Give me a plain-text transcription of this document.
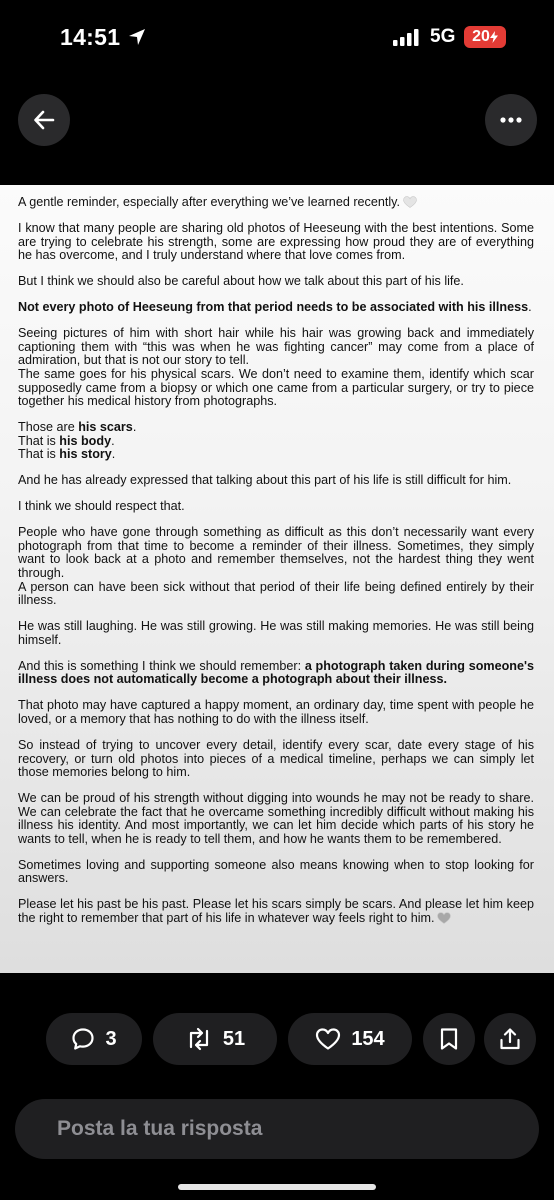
14:51	5G 20

A gentle reminder, especially after everything we’ve learned recently.

I know that many people are sharing old photos of Heeseung with the best intentions. Some are trying to celebrate his strength, some are expressing how proud they are of everything he has overcome, and I truly understand where that love comes from.

But I think we should also be careful about how we talk about this part of his life.

Not every photo of Heeseung from that period needs to be associated with his illness.

Seeing pictures of him with short hair while his hair was growing back and immediately captioning them with “this was when he was fighting cancer” may come from a place of admiration, but that is not our story to tell.

The same goes for his physical scars. We don’t need to examine them, identify which scar supposedly came from a biopsy or which one came from a particular surgery, or try to piece together his medical history from photographs.

Those are his scars.

That is his body.

That is his story.

And he has already expressed that talking about this part of his life is still difficult for him.

I think we should respect that.

People who have gone through something as difficult as this don’t necessarily want every photograph from that time to become a reminder of their illness. Sometimes, they simply want to look back at a photo and remember themselves, not the hardest thing they went through.

A person can have been sick without that period of their life being defined entirely by their illness.

He was still laughing. He was still growing. He was still making memories. He was still being himself.

And this is something I think we should remember: a photograph taken during someone's illness does not automatically become a photograph about their illness.

That photo may have captured a happy moment, an ordinary day, time spent with people he loved, or a memory that has nothing to do with the illness itself.

So instead of trying to uncover every detail, identify every scar, date every stage of his recovery, or turn old photos into pieces of a medical timeline, perhaps we can simply let those memories belong to him.

We can be proud of his strength without digging into wounds he may not be ready to share. We can celebrate the fact that he overcame something incredibly difficult without making his illness his identity. And most importantly, we can let him decide which parts of his story he wants to tell, when he is ready to tell them, and how he wants them to be remembered.

Sometimes loving and supporting someone also means knowing when to stop looking for answers.

Please let his past be his past. Please let his scars simply be scars. And please let him keep the right to remember that part of his life in whatever way feels right to him.

3	51	154
Posta la tua risposta
